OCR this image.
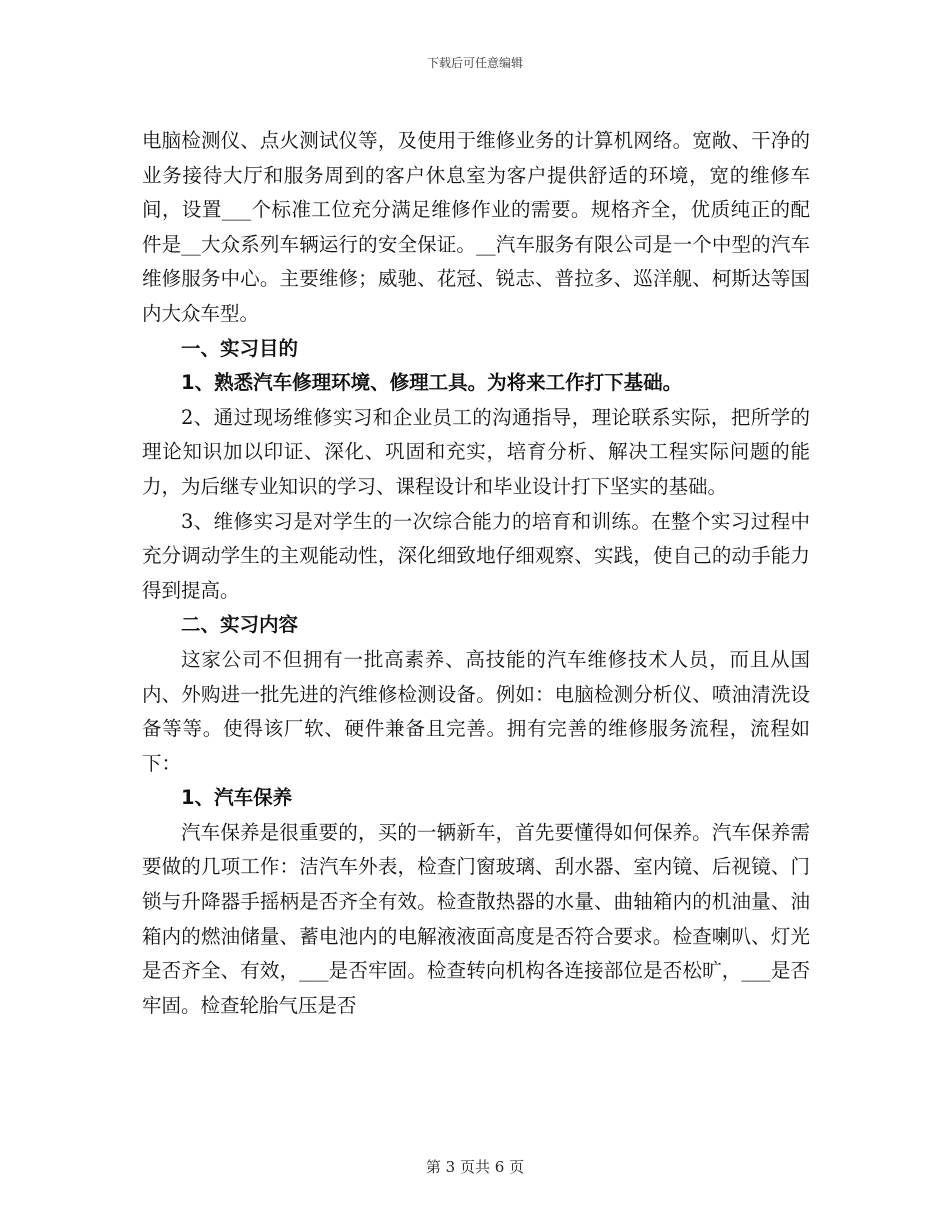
下载后可任意编辑

电脑检测仪、点火测试仪等，及使用于维修业务的计算机网络。宽敞、干净的业务接待大厅和服务周到的客户休息室为客户提供舒适的环境，宽的维修车间，设置___个标准工位充分满足维修作业的需要。规格齐全，优质纯正的配件是__大众系列车辆运行的安全保证。__汽车服务有限公司是一个中型的汽车维修服务中心。主要维修；威驰、花冠、锐志、普拉多、巡洋舰、柯斯达等国内大众车型。

一、实习目的

1、熟悉汽车修理环境、修理工具。为将来工作打下基础。

2、通过现场维修实习和企业员工的沟通指导，理论联系实际，把所学的理论知识加以印证、深化、巩固和充实，培育分析、解决工程实际问题的能力，为后继专业知识的学习、课程设计和毕业设计打下坚实的基础。

3、维修实习是对学生的一次综合能力的培育和训练。在整个实习过程中充分调动学生的主观能动性，深化细致地仔细观察、实践，使自己的动手能力得到提高。

二、实习内容

这家公司不但拥有一批高素养、高技能的汽车维修技术人员，而且从国内、外购进一批先进的汽维修检测设备。例如：电脑检测分析仪、喷油清洗设备等等。使得该厂软、硬件兼备且完善。拥有完善的维修服务流程，流程如下：

1、汽车保养

汽车保养是很重要的，买的一辆新车，首先要懂得如何保养。汽车保养需要做的几项工作：洁汽车外表，检查门窗玻璃、刮水器、室内镜、后视镜、门锁与升降器手摇柄是否齐全有效。检查散热器的水量、曲轴箱内的机油量、油箱内的燃油储量、蓄电池内的电解液液面高度是否符合要求。检查喇叭、灯光是否齐全、有效，___是否牢固。检查转向机构各连接部位是否松旷，___是否牢固。检查轮胎气压是否

第 3 页共 6 页
